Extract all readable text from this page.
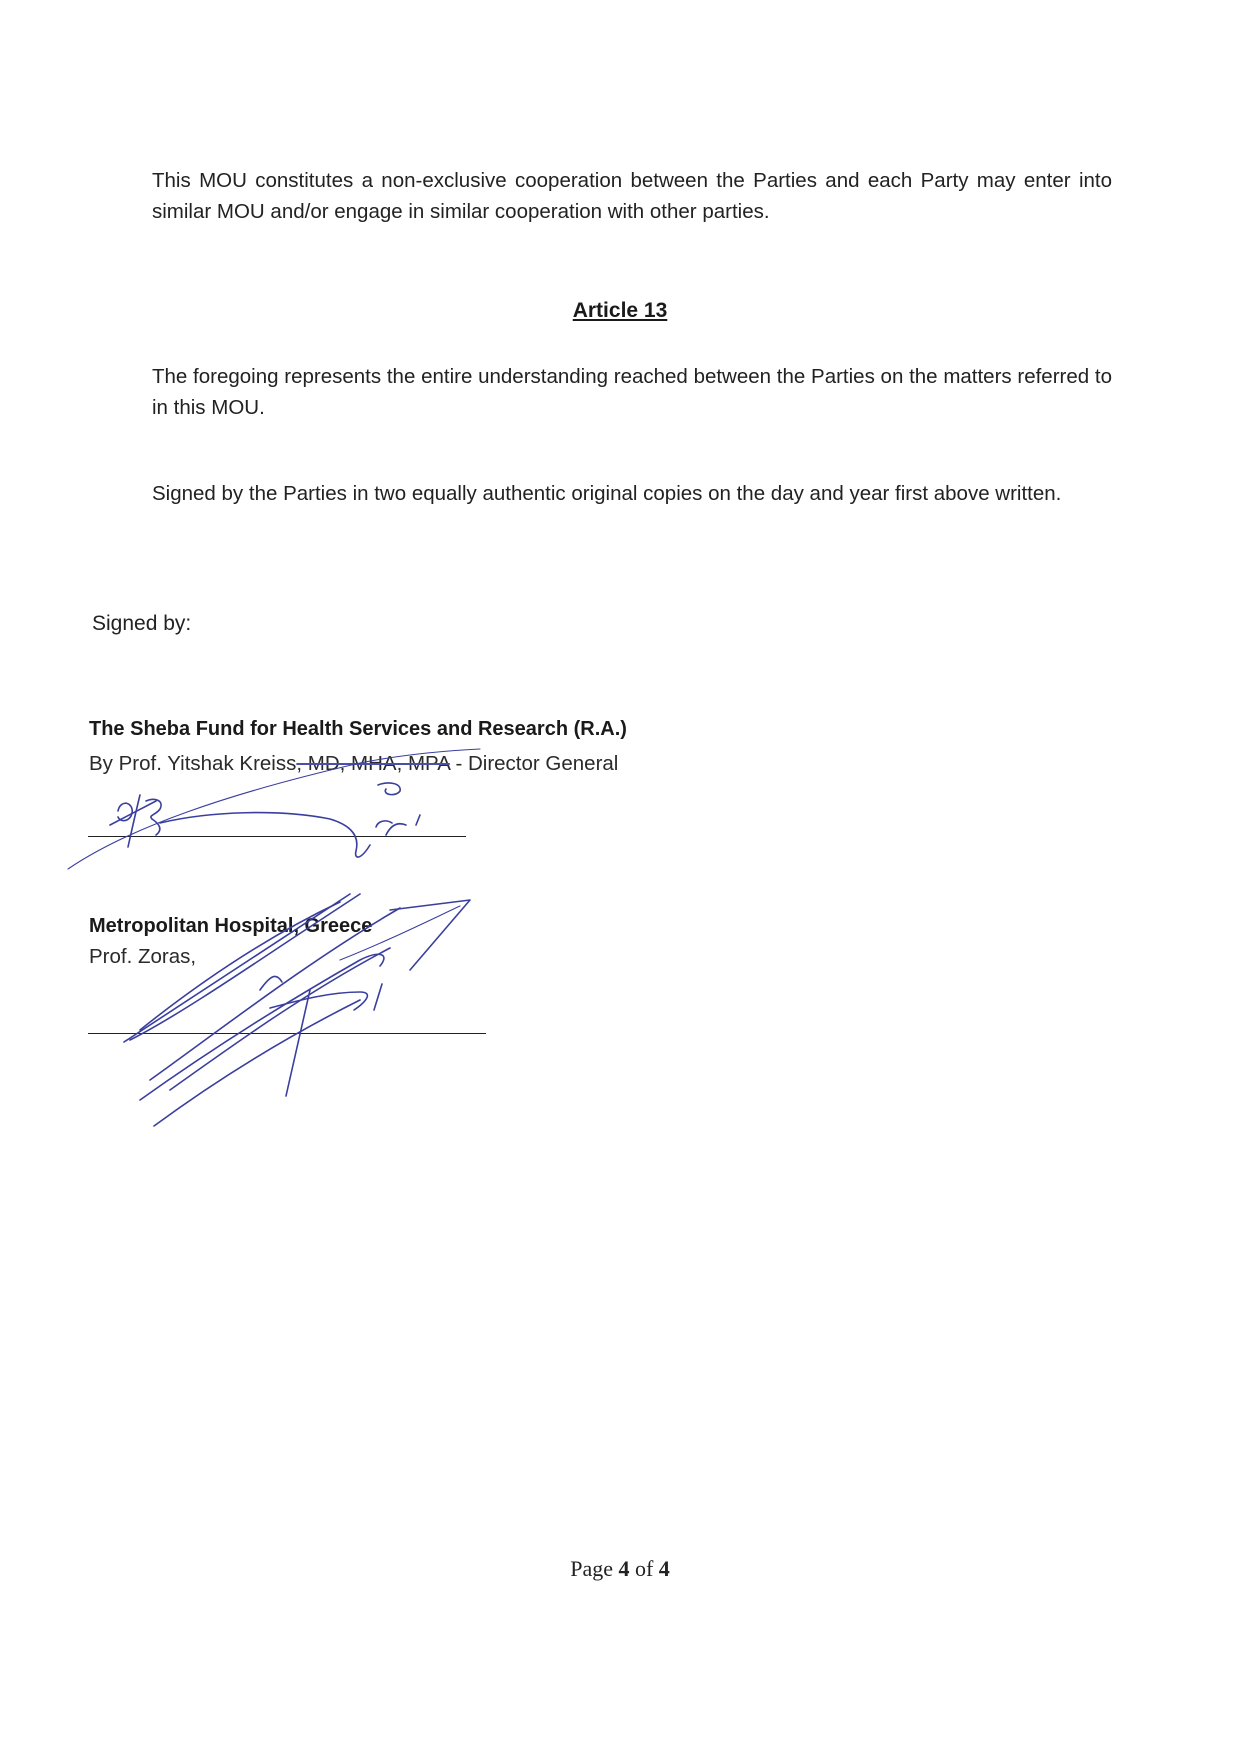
This MOU constitutes a non-exclusive cooperation between the Parties and each Party may enter into similar MOU and/or engage in similar cooperation with other parties.

Article 13

The foregoing represents the entire understanding reached between the Parties on the matters referred to in this MOU.

Signed by the Parties in two equally authentic original copies on the day and year first above written.

Signed by:

The Sheba Fund for Health Services and Research (R.A.)

By Prof. Yitshak Kreiss, MD, MHA, MPA - Director General

Metropolitan Hospital, Greece

Prof. Zoras,

Page 4 of 4
